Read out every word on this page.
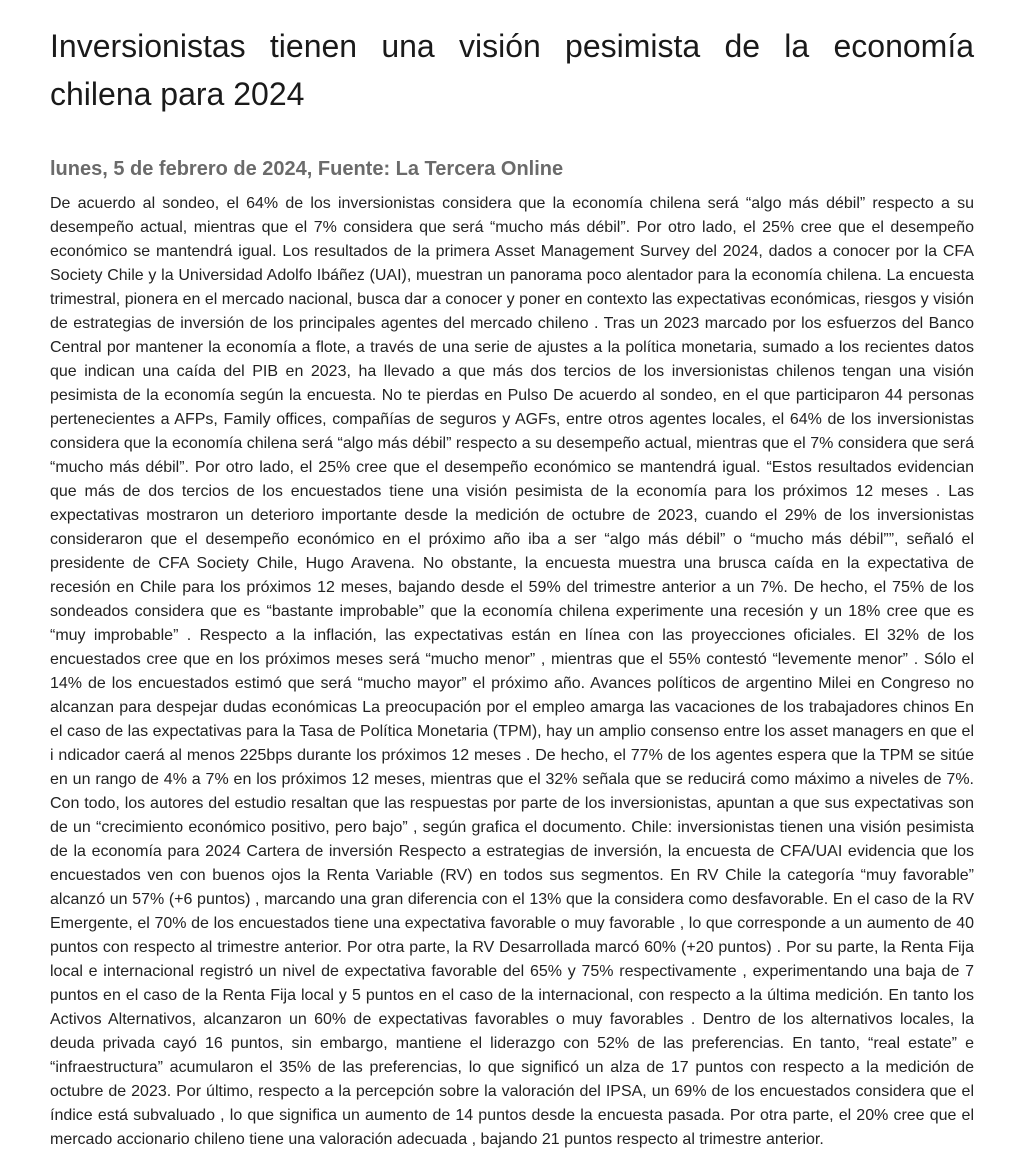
Inversionistas tienen una visión pesimista de la economía chilena para 2024
lunes, 5 de febrero de 2024, Fuente: La Tercera Online

De acuerdo al sondeo, el 64% de los inversionistas considera que la economía chilena será “algo más débil” respecto a su desempeño actual, mientras que el 7% considera que será “mucho más débil”. Por otro lado, el 25% cree que el desempeño económico se mantendrá igual. Los resultados de la primera Asset Management Survey del 2024, dados a conocer por la CFA Society Chile y la Universidad Adolfo Ibáñez (UAI), muestran un panorama poco alentador para la economía chilena. La encuesta trimestral, pionera en el mercado nacional, busca dar a conocer y poner en contexto las expectativas económicas, riesgos y visión de estrategias de inversión de los principales agentes del mercado chileno . Tras un 2023 marcado por los esfuerzos del Banco Central por mantener la economía a flote, a través de una serie de ajustes a la política monetaria, sumado a los recientes datos que indican una caída del PIB en 2023, ha llevado a que más dos tercios de los inversionistas chilenos tengan una visión pesimista de la economía según la encuesta. No te pierdas en Pulso De acuerdo al sondeo, en el que participaron 44 personas pertenecientes a AFPs, Family offices, compañías de seguros y AGFs, entre otros agentes locales, el 64% de los inversionistas considera que la economía chilena será “algo más débil” respecto a su desempeño actual, mientras que el 7% considera que será “mucho más débil”. Por otro lado, el 25% cree que el desempeño económico se mantendrá igual. “Estos resultados evidencian que más de dos tercios de los encuestados tiene una visión pesimista de la economía para los próximos 12 meses . Las expectativas mostraron un deterioro importante desde la medición de octubre de 2023, cuando el 29% de los inversionistas consideraron que el desempeño económico en el próximo año iba a ser “algo más débil” o “mucho más débil””, señaló el presidente de CFA Society Chile, Hugo Aravena. No obstante, la encuesta muestra una brusca caída en la expectativa de recesión en Chile para los próximos 12 meses, bajando desde el 59% del trimestre anterior a un 7%. De hecho, el 75% de los sondeados considera que es “bastante improbable” que la economía chilena experimente una recesión y un 18% cree que es “muy improbable” . Respecto a la inflación, las expectativas están en línea con las proyecciones oficiales. El 32% de los encuestados cree que en los próximos meses será “mucho menor” , mientras que el 55% contestó “levemente menor” . Sólo el 14% de los encuestados estimó que será “mucho mayor” el próximo año. Avances políticos de argentino Milei en Congreso no alcanzan para despejar dudas económicas La preocupación por el empleo amarga las vacaciones de los trabajadores chinos En el caso de las expectativas para la Tasa de Política Monetaria (TPM), hay un amplio consenso entre los asset managers en que el i ndicador caerá al menos 225bps durante los próximos 12 meses . De hecho, el 77% de los agentes espera que la TPM se sitúe en un rango de 4% a 7% en los próximos 12 meses, mientras que el 32% señala que se reducirá como máximo a niveles de 7%. Con todo, los autores del estudio resaltan que las respuestas por parte de los inversionistas, apuntan a que sus expectativas son de un “crecimiento económico positivo, pero bajo” , según grafica el documento. Chile: inversionistas tienen una visión pesimista de la economía para 2024 Cartera de inversión Respecto a estrategias de inversión, la encuesta de CFA/UAI evidencia que los encuestados ven con buenos ojos la Renta Variable (RV) en todos sus segmentos. En RV Chile la categoría “muy favorable” alcanzó un 57% (+6 puntos) , marcando una gran diferencia con el 13% que la considera como desfavorable. En el caso de la RV Emergente, el 70% de los encuestados tiene una expectativa favorable o muy favorable , lo que corresponde a un aumento de 40 puntos con respecto al trimestre anterior. Por otra parte, la RV Desarrollada marcó 60% (+20 puntos) . Por su parte, la Renta Fija local e internacional registró un nivel de expectativa favorable del 65% y 75% respectivamente , experimentando una baja de 7 puntos en el caso de la Renta Fija local y 5 puntos en el caso de la internacional, con respecto a la última medición. En tanto los Activos Alternativos, alcanzaron un 60% de expectativas favorables o muy favorables . Dentro de los alternativos locales, la deuda privada cayó 16 puntos, sin embargo, mantiene el liderazgo con 52% de las preferencias. En tanto, “real estate” e “infraestructura” acumularon el 35% de las preferencias, lo que significó un alza de 17 puntos con respecto a la medición de octubre de 2023. Por último, respecto a la percepción sobre la valoración del IPSA, un 69% de los encuestados considera que el índice está subvaluado , lo que significa un aumento de 14 puntos desde la encuesta pasada. Por otra parte, el 20% cree que el mercado accionario chileno tiene una valoración adecuada , bajando 21 puntos respecto al trimestre anterior.
